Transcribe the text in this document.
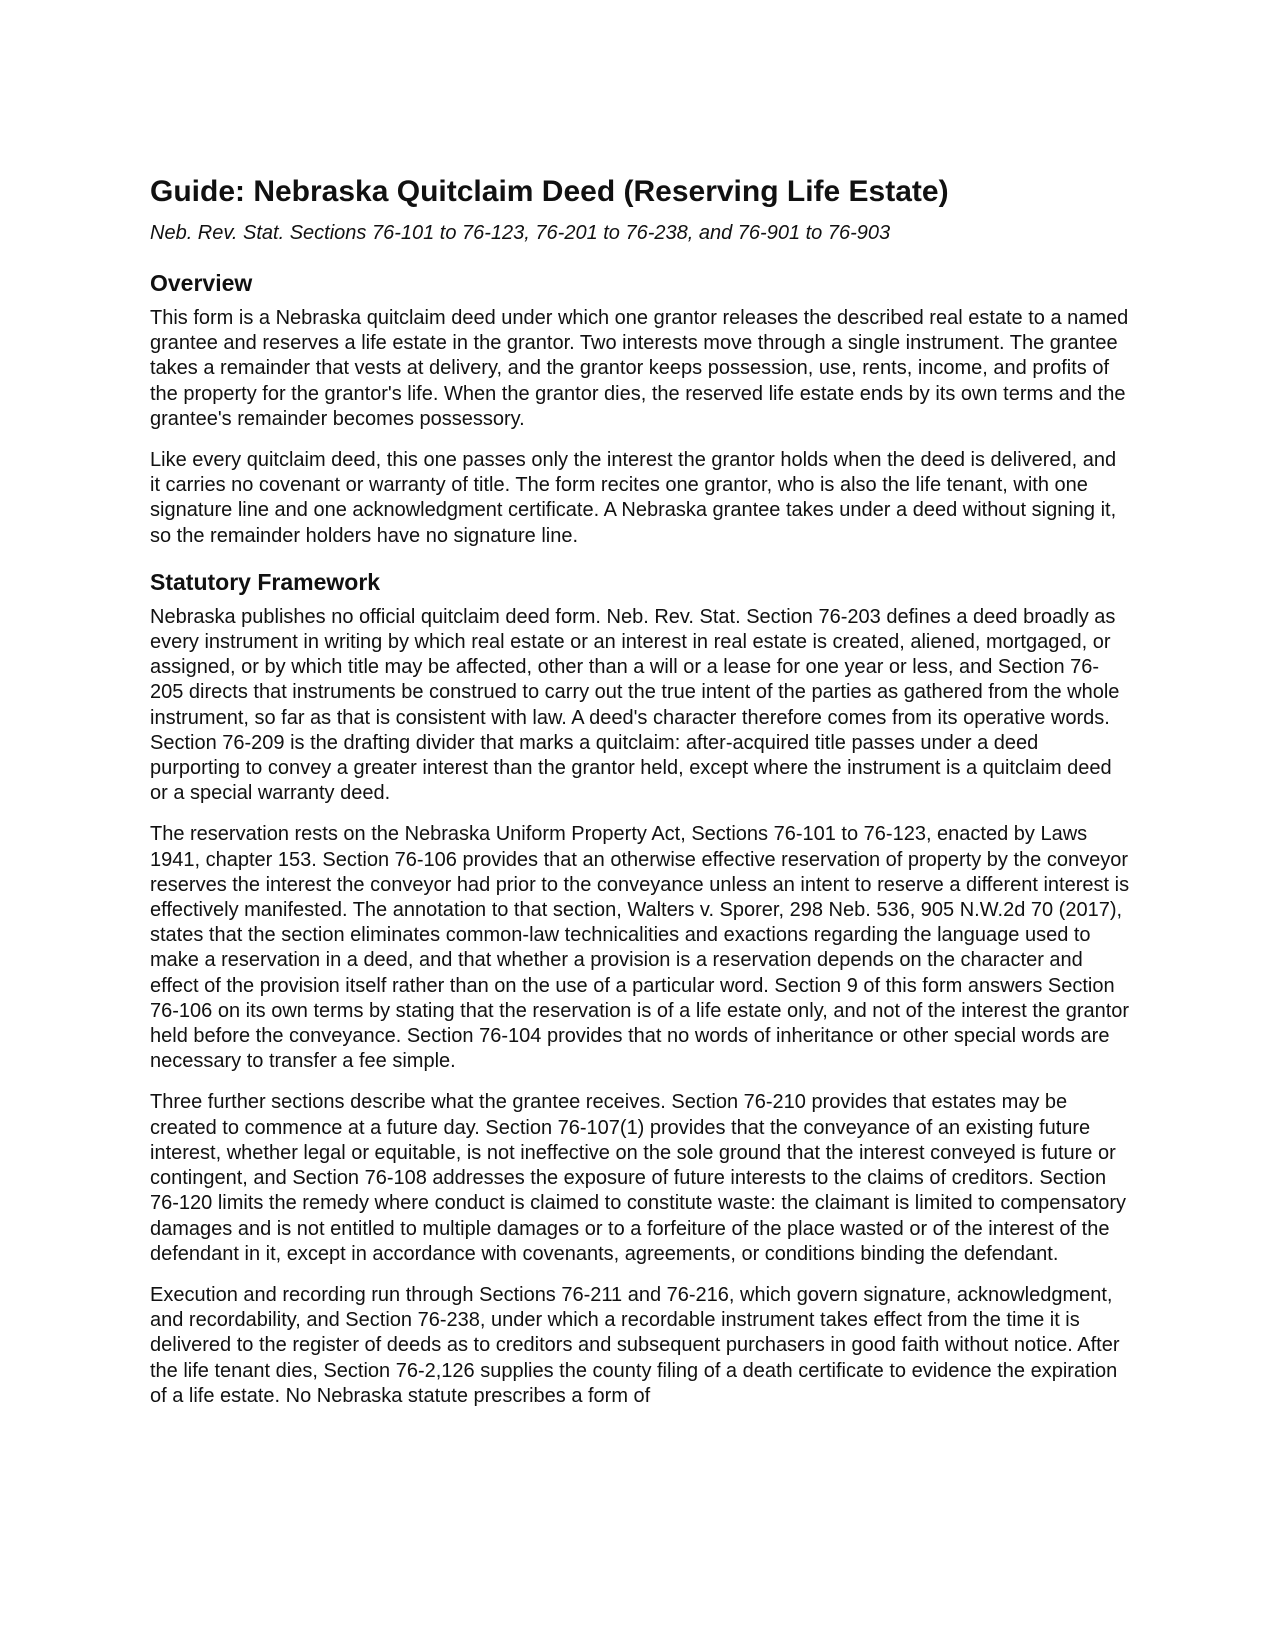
Guide: Nebraska Quitclaim Deed (Reserving Life Estate)

Neb. Rev. Stat. Sections 76-101 to 76-123, 76-201 to 76-238, and 76-901 to 76-903

Overview

This form is a Nebraska quitclaim deed under which one grantor releases the described real estate to a named grantee and reserves a life estate in the grantor. Two interests move through a single instrument. The grantee takes a remainder that vests at delivery, and the grantor keeps possession, use, rents, income, and profits of the property for the grantor's life. When the grantor dies, the reserved life estate ends by its own terms and the grantee's remainder becomes possessory.

Like every quitclaim deed, this one passes only the interest the grantor holds when the deed is delivered, and it carries no covenant or warranty of title. The form recites one grantor, who is also the life tenant, with one signature line and one acknowledgment certificate. A Nebraska grantee takes under a deed without signing it, so the remainder holders have no signature line.

Statutory Framework

Nebraska publishes no official quitclaim deed form. Neb. Rev. Stat. Section 76-203 defines a deed broadly as every instrument in writing by which real estate or an interest in real estate is created, aliened, mortgaged, or assigned, or by which title may be affected, other than a will or a lease for one year or less, and Section 76-205 directs that instruments be construed to carry out the true intent of the parties as gathered from the whole instrument, so far as that is consistent with law. A deed's character therefore comes from its operative words. Section 76-209 is the drafting divider that marks a quitclaim: after-acquired title passes under a deed purporting to convey a greater interest than the grantor held, except where the instrument is a quitclaim deed or a special warranty deed.

The reservation rests on the Nebraska Uniform Property Act, Sections 76-101 to 76-123, enacted by Laws 1941, chapter 153. Section 76-106 provides that an otherwise effective reservation of property by the conveyor reserves the interest the conveyor had prior to the conveyance unless an intent to reserve a different interest is effectively manifested. The annotation to that section, Walters v. Sporer, 298 Neb. 536, 905 N.W.2d 70 (2017), states that the section eliminates common-law technicalities and exactions regarding the language used to make a reservation in a deed, and that whether a provision is a reservation depends on the character and effect of the provision itself rather than on the use of a particular word. Section 9 of this form answers Section 76-106 on its own terms by stating that the reservation is of a life estate only, and not of the interest the grantor held before the conveyance. Section 76-104 provides that no words of inheritance or other special words are necessary to transfer a fee simple.

Three further sections describe what the grantee receives. Section 76-210 provides that estates may be created to commence at a future day. Section 76-107(1) provides that the conveyance of an existing future interest, whether legal or equitable, is not ineffective on the sole ground that the interest conveyed is future or contingent, and Section 76-108 addresses the exposure of future interests to the claims of creditors. Section 76-120 limits the remedy where conduct is claimed to constitute waste: the claimant is limited to compensatory damages and is not entitled to multiple damages or to a forfeiture of the place wasted or of the interest of the defendant in it, except in accordance with covenants, agreements, or conditions binding the defendant.

Execution and recording run through Sections 76-211 and 76-216, which govern signature, acknowledgment, and recordability, and Section 76-238, under which a recordable instrument takes effect from the time it is delivered to the register of deeds as to creditors and subsequent purchasers in good faith without notice. After the life tenant dies, Section 76-2,126 supplies the county filing of a death certificate to evidence the expiration of a life estate. No Nebraska statute prescribes a form of
